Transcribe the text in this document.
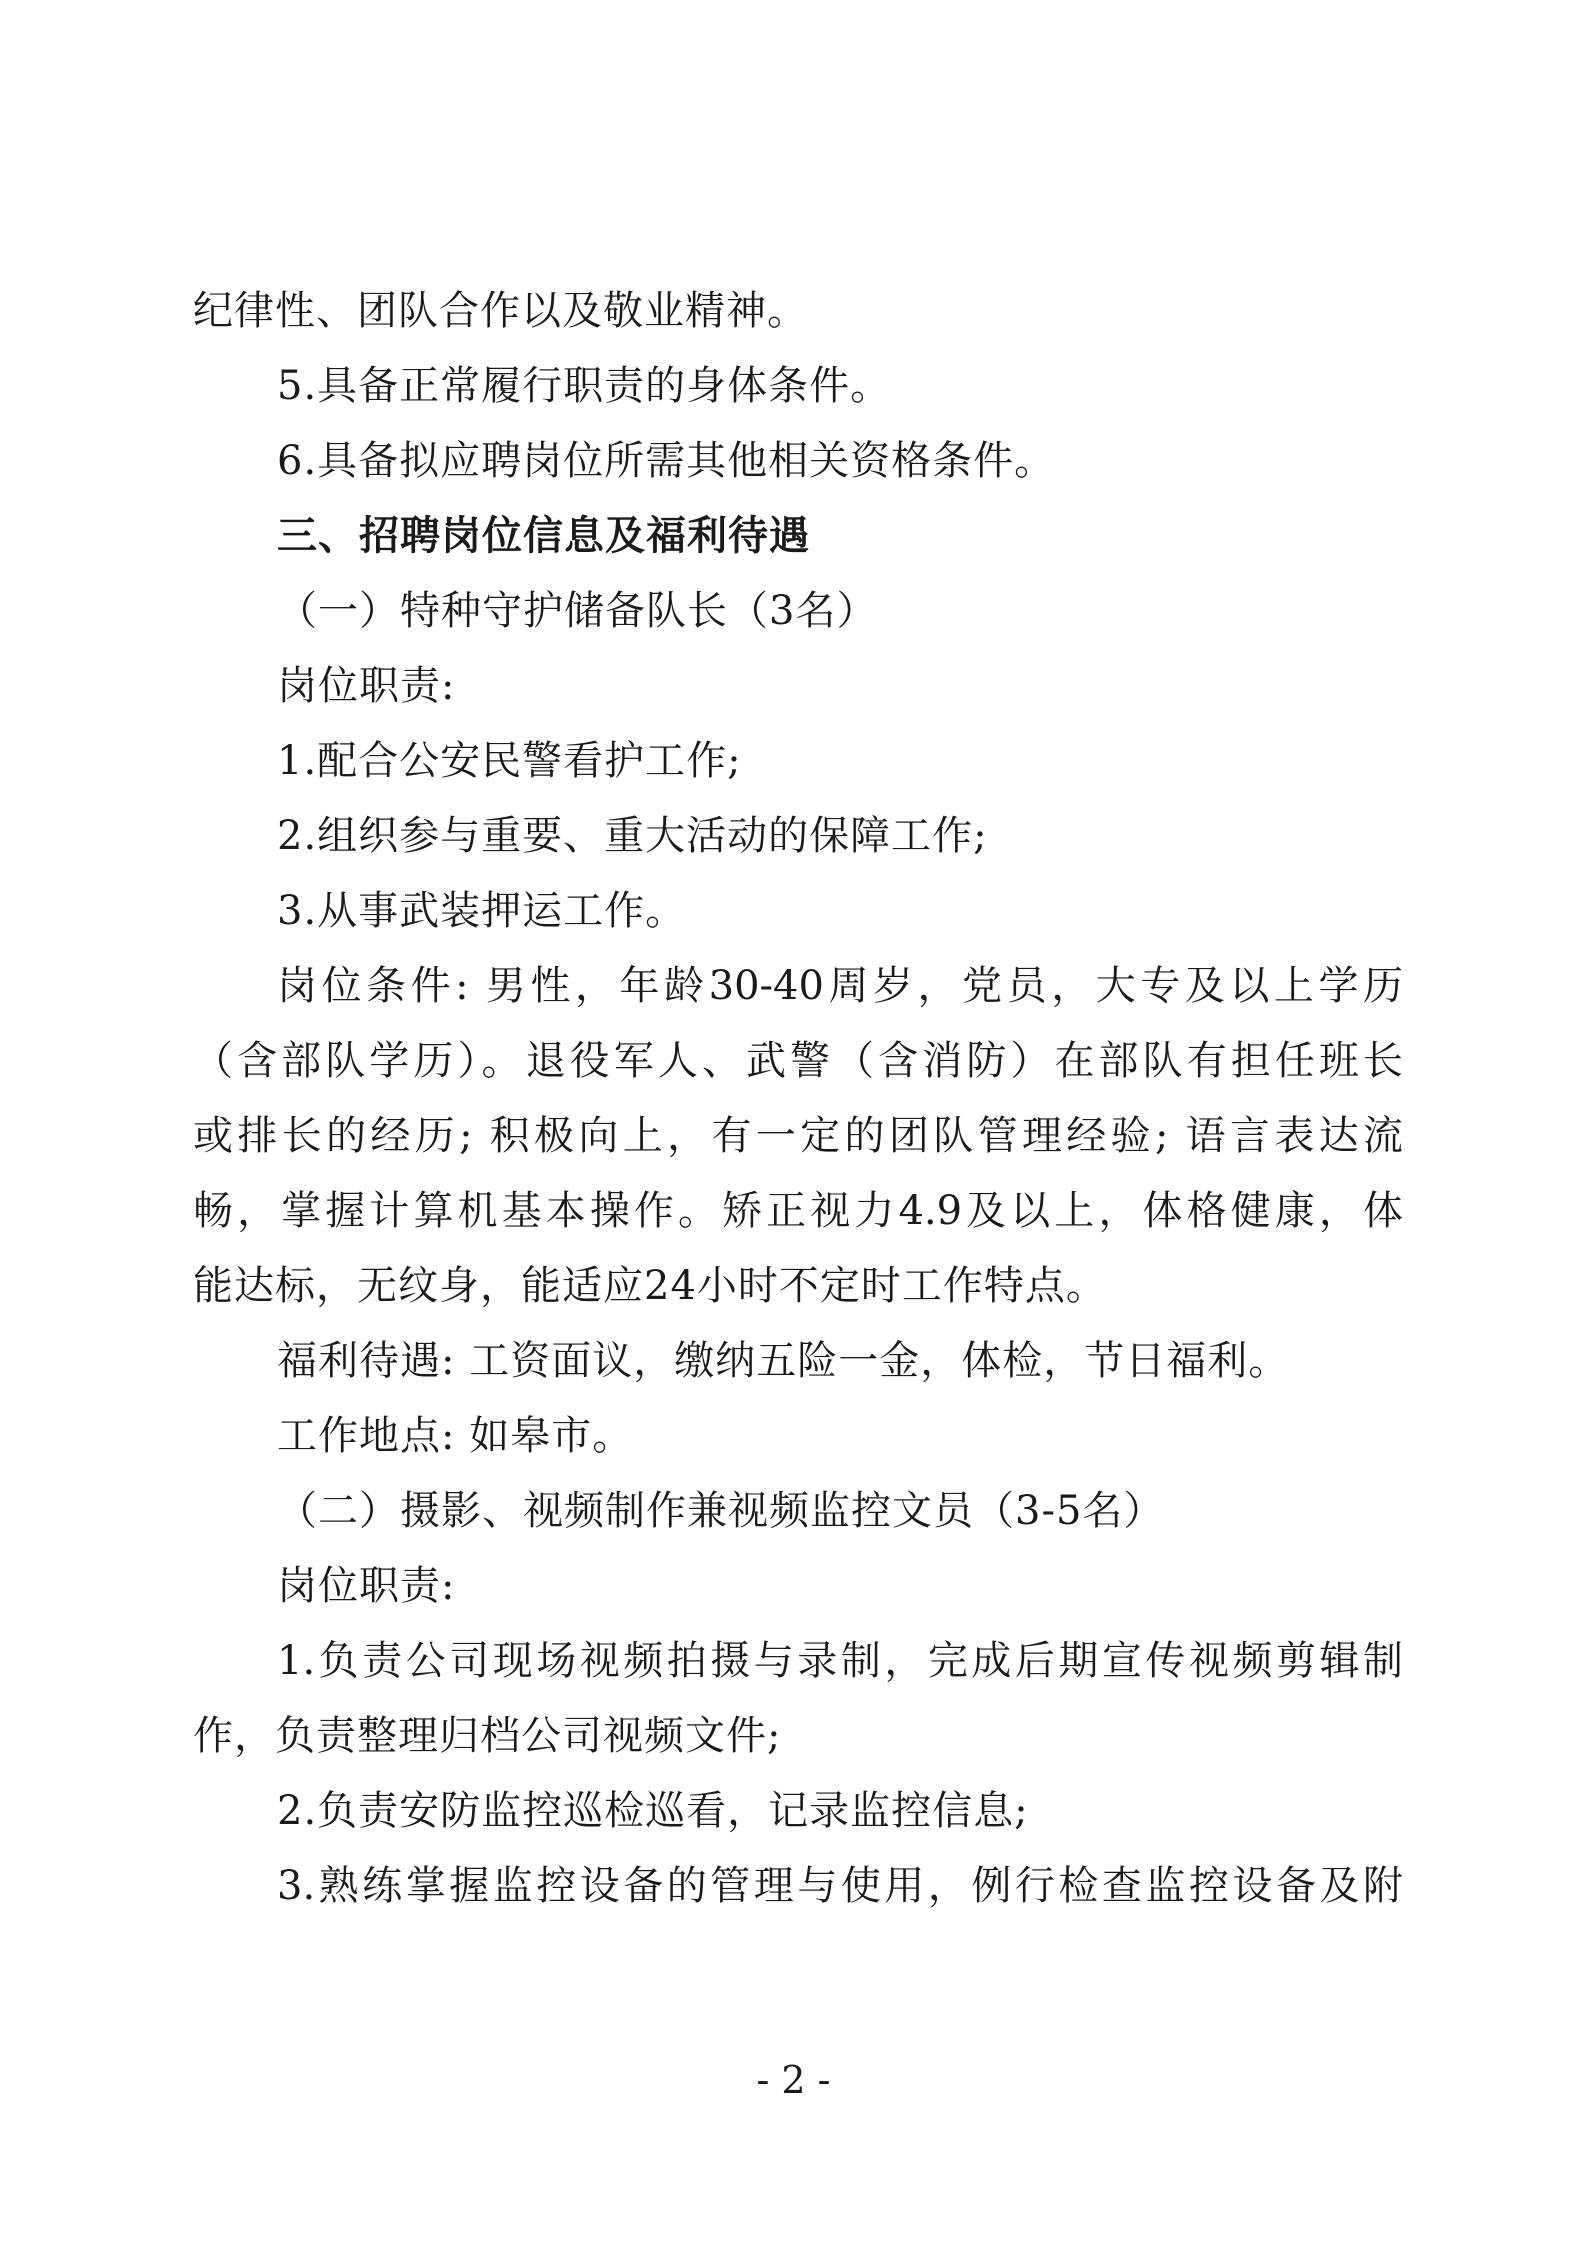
纪律性、团队合作以及敬业精神。
5.具备正常履行职责的身体条件。
6.具备拟应聘岗位所需其他相关资格条件。
三、招聘岗位信息及福利待遇
（一）特种守护储备队长（3名）
岗位职责:
1.配合公安民警看护工作;
2.组织参与重要、重大活动的保障工作;
3.从事武装押运工作。
岗位条件: 男性，年龄30-40周岁，党员，大专及以上学历
（含部队学历）。退役军人、武警（含消防）在部队有担任班长
或排长的经历; 积极向上，有一定的团队管理经验; 语言表达流
畅，掌握计算机基本操作。矫正视力4.9及以上，体格健康，体
能达标，无纹身，能适应24小时不定时工作特点。
福利待遇: 工资面议，缴纳五险一金，体检，节日福利。
工作地点: 如皋市。
（二）摄影、视频制作兼视频监控文员（3-5名）
岗位职责:
1.负责公司现场视频拍摄与录制，完成后期宣传视频剪辑制
作，负责整理归档公司视频文件;
2.负责安防监控巡检巡看，记录监控信息;
3.熟练掌握监控设备的管理与使用，例行检查监控设备及附
- 2 -
